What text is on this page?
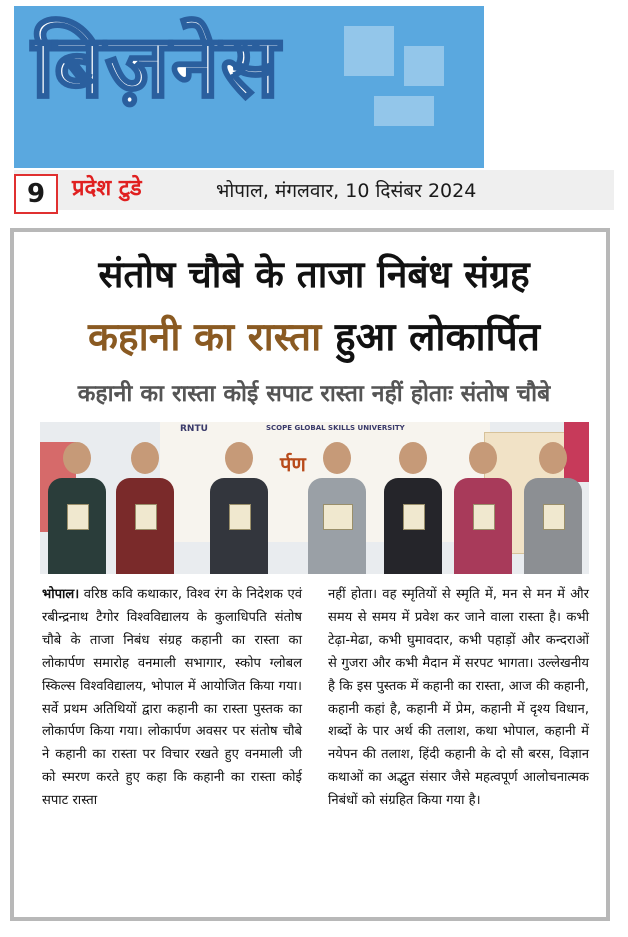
बिज़नेस
9	प्रदेश टुडे	भोपाल, मंगलवार, 10 दिसंबर 2024
संतोष चौबे के ताजा निबंध संग्रह
कहानी का रास्ता हुआ लोकार्पित
कहानी का रास्ता कोई सपाट रास्ता नहीं होताः संतोष चौबे
RNTU	SCOPE GLOBAL SKILLS UNIVERSITY
र्पण

भोपाल। वरिष्ठ कवि कथाकार, विश्व रंग के निदेशक एवं रबीन्द्रनाथ टैगोर विश्वविद्यालय के कुलाधिपति संतोष चौबे के ताजा निबंध संग्रह कहानी का रास्ता का लोकार्पण समारोह वनमाली सभागार, स्कोप ग्लोबल स्किल्स विश्वविद्यालय, भोपाल में आयोजित किया गया। सर्वे प्रथम अतिथियों द्वारा कहानी का रास्ता पुस्तक का लोकार्पण किया गया। लोकार्पण अवसर पर संतोष चौबे ने कहानी का रास्ता पर विचार रखते हुए वनमाली जी को स्मरण करते हुए कहा कि कहानी का रास्ता कोई सपाट रास्ता

नहीं होता। वह स्मृतियों से स्मृति में, मन से मन में और समय से समय में प्रवेश कर जाने वाला रास्ता है। कभी टेढ़ा-मेढा, कभी घुमावदार, कभी पहाड़ों और कन्दराओं से गुजरा और कभी मैदान में सरपट भागता। उल्लेखनीय है कि इस पुस्तक में कहानी का रास्ता, आज की कहानी, कहानी कहां है, कहानी में प्रेम, कहानी में दृश्य विधान, शब्दों के पार अर्थ की तलाश, कथा भोपाल, कहानी में नयेपन की तलाश, हिंदी कहानी के दो सौ बरस, विज्ञान कथाओं का अद्भुत संसार जैसे महत्वपूर्ण आलोचनात्मक निबंधों को संग्रहित किया गया है।
